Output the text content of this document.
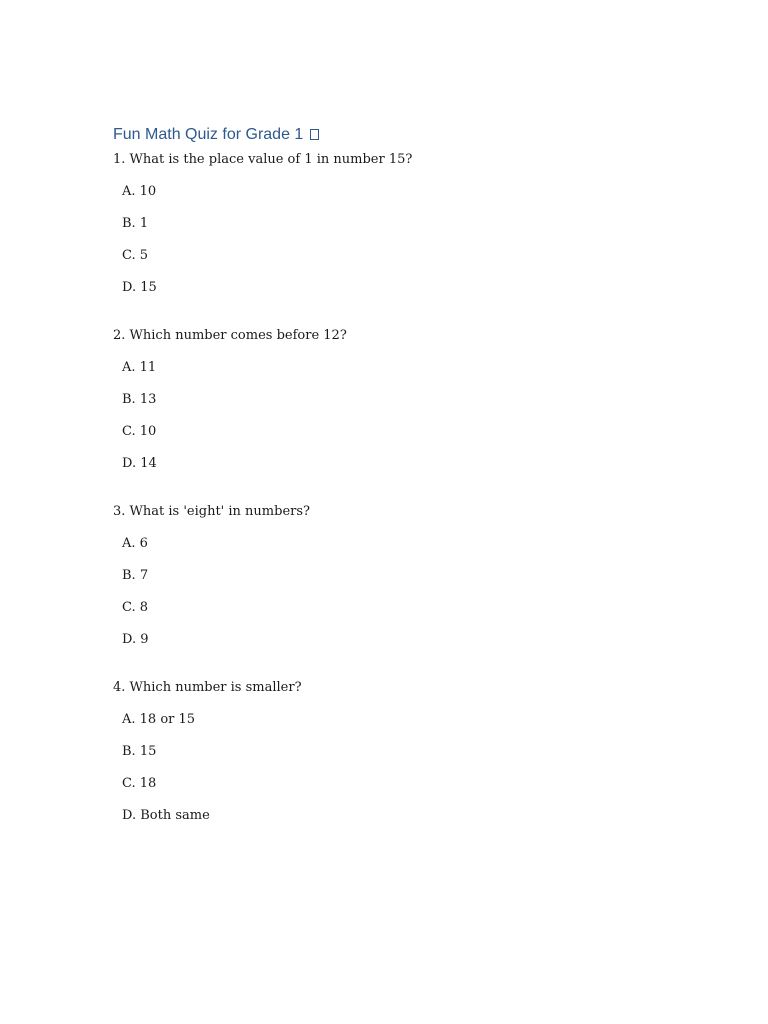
Fun Math Quiz for Grade 1

1. What is the place value of 1 in number 15?

A. 10
B. 1
C. 5
D. 15

2. Which number comes before 12?

A. 11
B. 13
C. 10
D. 14

3. What is 'eight' in numbers?

A. 6
B. 7
C. 8
D. 9

4. Which number is smaller?

A. 18 or 15
B. 15
C. 18
D. Both same
